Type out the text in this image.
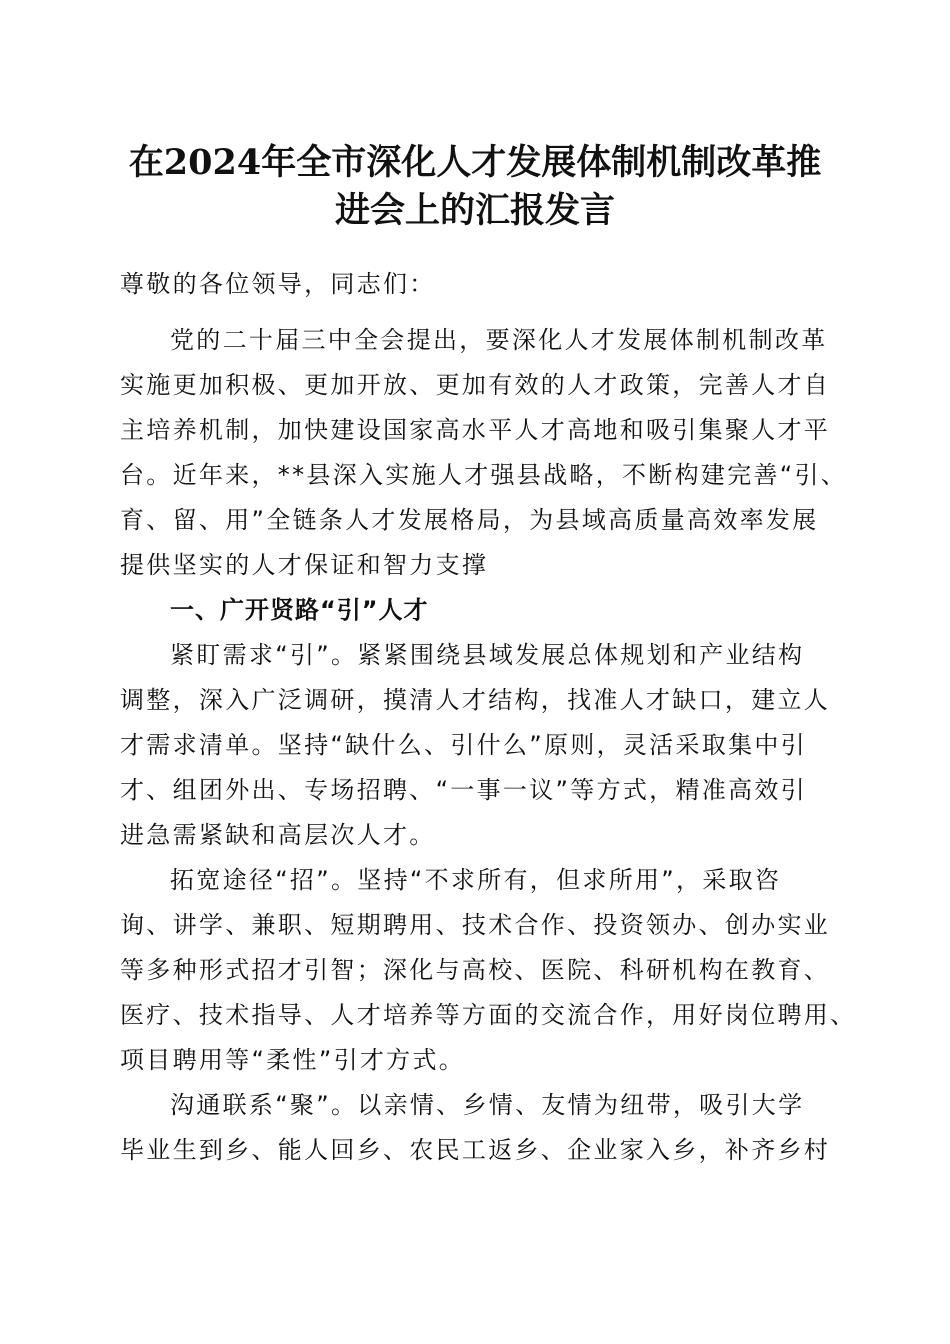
在2024年全市深化人才发展体制机制改革推
进会上的汇报发言

尊敬的各位领导，同志们：

党的二十届三中全会提出，要深化人才发展体制机制改革

实施更加积极、更加开放、更加有效的人才政策，完善人才自

主培养机制，加快建设国家高水平人才高地和吸引集聚人才平

台。近年来，**县深入实施人才强县战略，不断构建完善“引、

育、留、用”全链条人才发展格局，为县域高质量高效率发展

提供坚实的人才保证和智力支撑

一、广开贤路“引”人才

紧盯需求“引”。紧紧围绕县域发展总体规划和产业结构

调整，深入广泛调研，摸清人才结构，找准人才缺口，建立人

才需求清单。坚持“缺什么、引什么”原则，灵活采取集中引

才、组团外出、专场招聘、“一事一议”等方式，精准高效引

进急需紧缺和高层次人才。

拓宽途径“招”。坚持“不求所有，但求所用”，采取咨

询、讲学、兼职、短期聘用、技术合作、投资领办、创办实业

等多种形式招才引智；深化与高校、医院、科研机构在教育、

医疗、技术指导、人才培养等方面的交流合作，用好岗位聘用、

项目聘用等“柔性”引才方式。

沟通联系“聚”。以亲情、乡情、友情为纽带，吸引大学

毕业生到乡、能人回乡、农民工返乡、企业家入乡，补齐乡村
